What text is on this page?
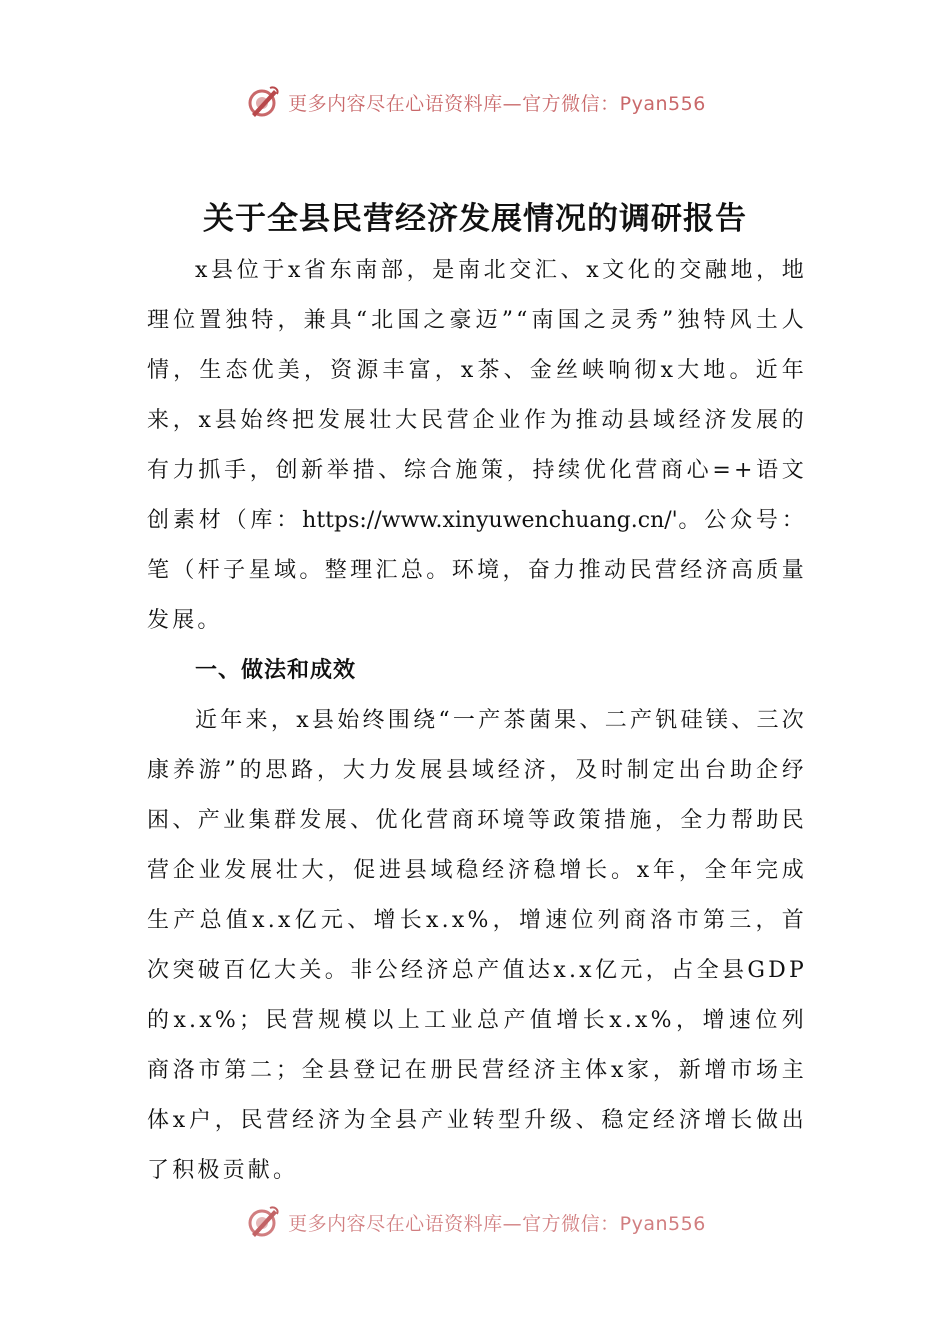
更多内容尽在心语资料库—官方微信：Pyan556
关于全县民营经济发展情况的调研报告

x县位于x省东南部，是南北交汇、x文化的交融地，地理位置独特，兼具“北国之豪迈”“南国之灵秀”独特风土人情，生态优美，资源丰富，x茶、金丝峡响彻x大地。近年来，x县始终把发展壮大民营企业作为推动县域经济发展的有力抓手，创新举措、综合施策，持续优化营商心=+语文创素材（库：https://www.xinyuwenchuang.cn/'。公众号：笔（杆子星域。整理汇总。环境，奋力推动民营经济高质量发展。

一、做法和成效

近年来，x县始终围绕“一产茶菌果、二产钒硅镁、三次康养游”的思路，大力发展县域经济，及时制定出台助企纾困、产业集群发展、优化营商环境等政策措施，全力帮助民营企业发展壮大，促进县域稳经济稳增长。x年，全年完成生产总值x.x亿元、增长x.x%，增速位列商洛市第三，首次突破百亿大关。非公经济总产值达x.x亿元，占全县GDP的x.x%；民营规模以上工业总产值增长x.x%，增速位列商洛市第二；全县登记在册民营经济主体x家，新增市场主体x户，民营经济为全县产业转型升级、稳定经济增长做出了积极贡献。

更多内容尽在心语资料库—官方微信：Pyan556
